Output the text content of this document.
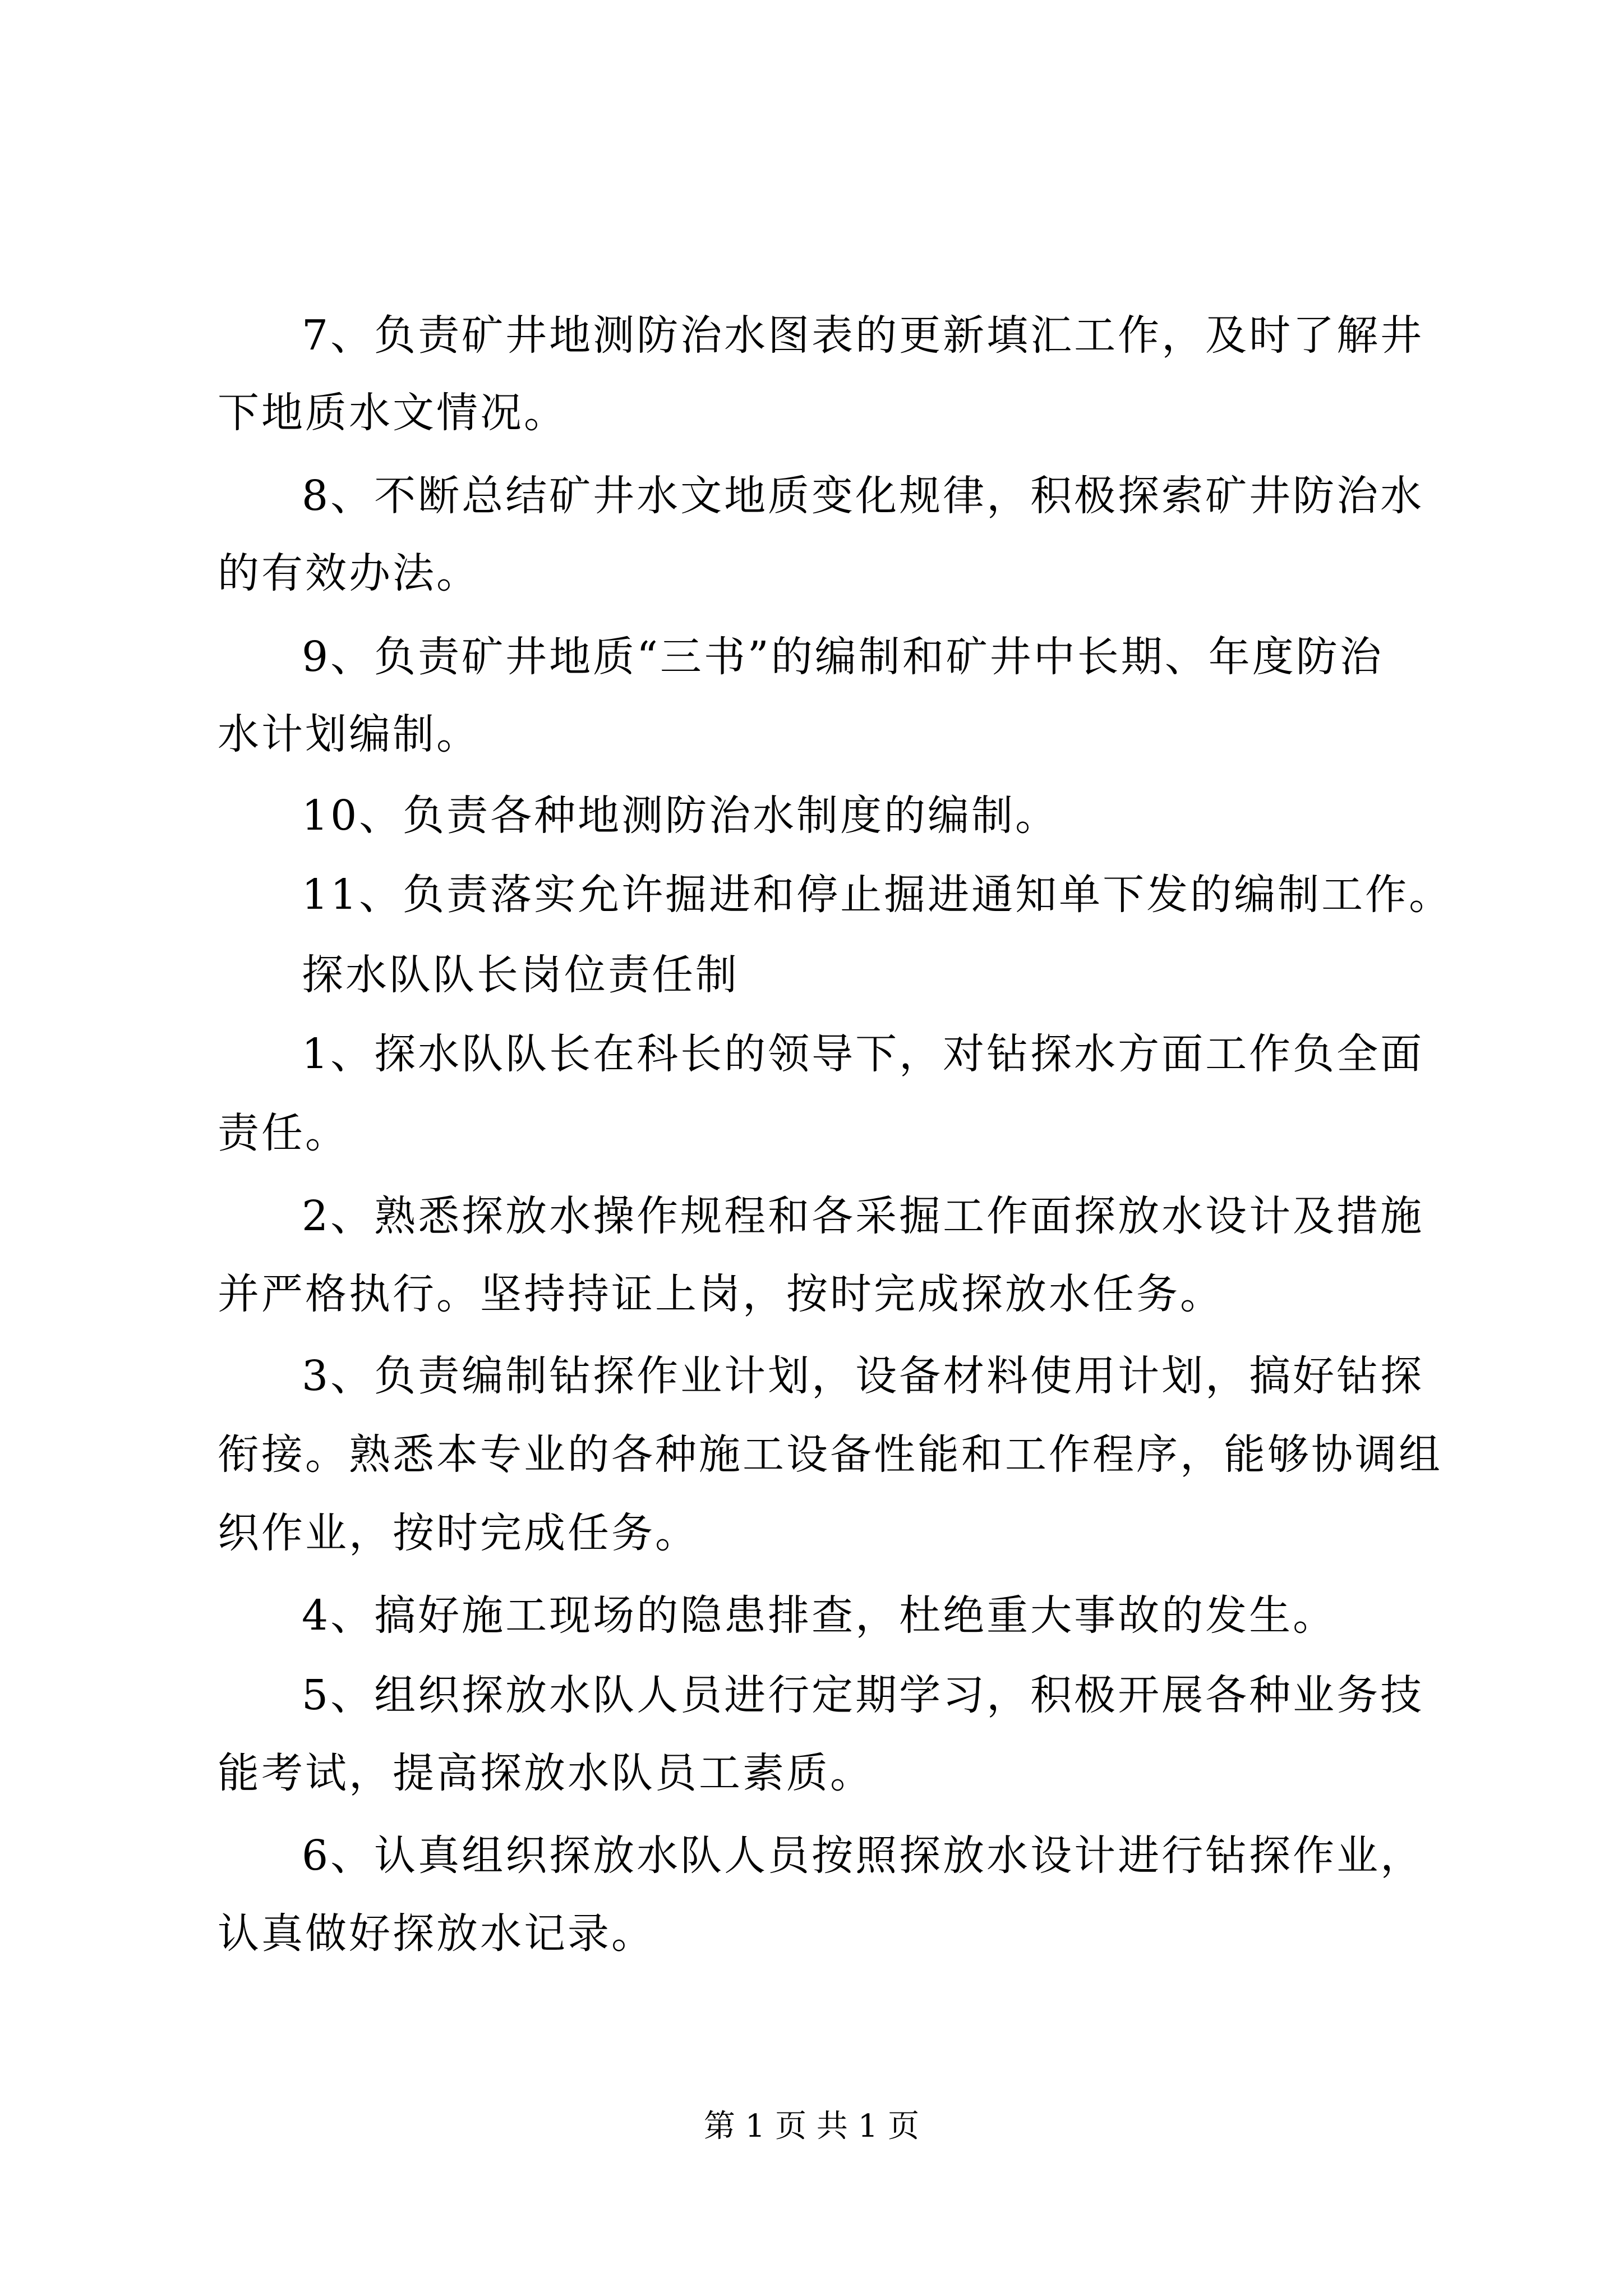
7、负责矿井地测防治水图表的更新填汇工作，及时了解井
下地质水文情况。
8、不断总结矿井水文地质变化规律，积极探索矿井防治水
的有效办法。
9、负责矿井地质“三书”的编制和矿井中长期、年度防治
水计划编制。
10、负责各种地测防治水制度的编制。
11、负责落实允许掘进和停止掘进通知单下发的编制工作。
探水队队长岗位责任制
1、探水队队长在科长的领导下，对钻探水方面工作负全面
责任。
2、熟悉探放水操作规程和各采掘工作面探放水设计及措施
并严格执行。坚持持证上岗，按时完成探放水任务。
3、负责编制钻探作业计划，设备材料使用计划，搞好钻探
衔接。熟悉本专业的各种施工设备性能和工作程序，能够协调组
织作业，按时完成任务。
4、搞好施工现场的隐患排查，杜绝重大事故的发生。
5、组织探放水队人员进行定期学习，积极开展各种业务技
能考试，提高探放水队员工素质。
6、认真组织探放水队人员按照探放水设计进行钻探作业，
认真做好探放水记录。
第 1 页 共 1 页
